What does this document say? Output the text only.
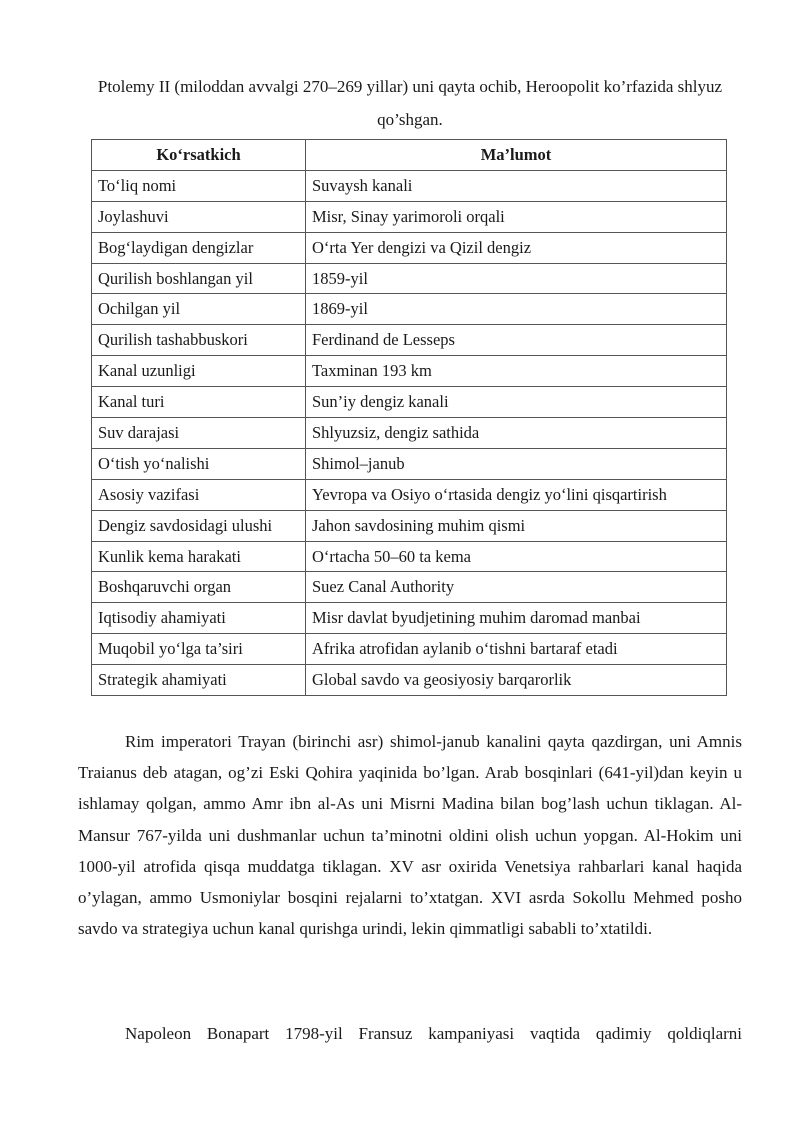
Ptolemy II (miloddan avvalgi 270–269 yillar) uni qayta ochib, Heroopolit ko’rfazida shlyuz qo’shgan.

Ko‘rsatkich	Ma’lumot
To‘liq nomi	Suvaysh kanali
Joylashuvi	Misr, Sinay yarimoroli orqali
Bog‘laydigan dengizlar	O‘rta Yer dengizi va Qizil dengiz
Qurilish boshlangan yil	1859-yil
Ochilgan yil	1869-yil
Qurilish tashabbuskori	Ferdinand de Lesseps
Kanal uzunligi	Taxminan 193 km
Kanal turi	Sun’iy dengiz kanali
Suv darajasi	Shlyuzsiz, dengiz sathida
O‘tish yo‘nalishi	Shimol–janub
Asosiy vazifasi	Yevropa va Osiyo o‘rtasida dengiz yo‘lini qisqartirish
Dengiz savdosidagi ulushi	Jahon savdosining muhim qismi
Kunlik kema harakati	O‘rtacha 50–60 ta kema
Boshqaruvchi organ	Suez Canal Authority
Iqtisodiy ahamiyati	Misr davlat byudjetining muhim daromad manbai
Muqobil yo‘lga ta’siri	Afrika atrofidan aylanib o‘tishni bartaraf etadi
Strategik ahamiyati	Global savdo va geosiyosiy barqarorlik

Rim imperatori Trayan (birinchi asr) shimol-janub kanalini qayta qazdirgan, uni Amnis Traianus deb atagan, og’zi Eski Qohira yaqinida bo’lgan. Arab bosqinlari (641-yil)dan keyin u ishlamay qolgan, ammo Amr ibn al-As uni Misrni Madina bilan bog’lash uchun tiklagan. Al-Mansur 767-yilda uni dushmanlar uchun ta’minotni oldini olish uchun yopgan. Al-Hokim uni 1000-yil atrofida qisqa muddatga tiklagan. XV asr oxirida Venetsiya rahbarlari kanal haqida o’ylagan, ammo Usmoniylar bosqini rejalarni to’xtatgan. XVI asrda Sokollu Mehmed posho savdo va strategiya uchun kanal qurishga urindi, lekin qimmatligi sababli to’xtatildi.

Napoleon Bonapart 1798-yil Fransuz kampaniyasi vaqtida qadimiy qoldiqlarni
